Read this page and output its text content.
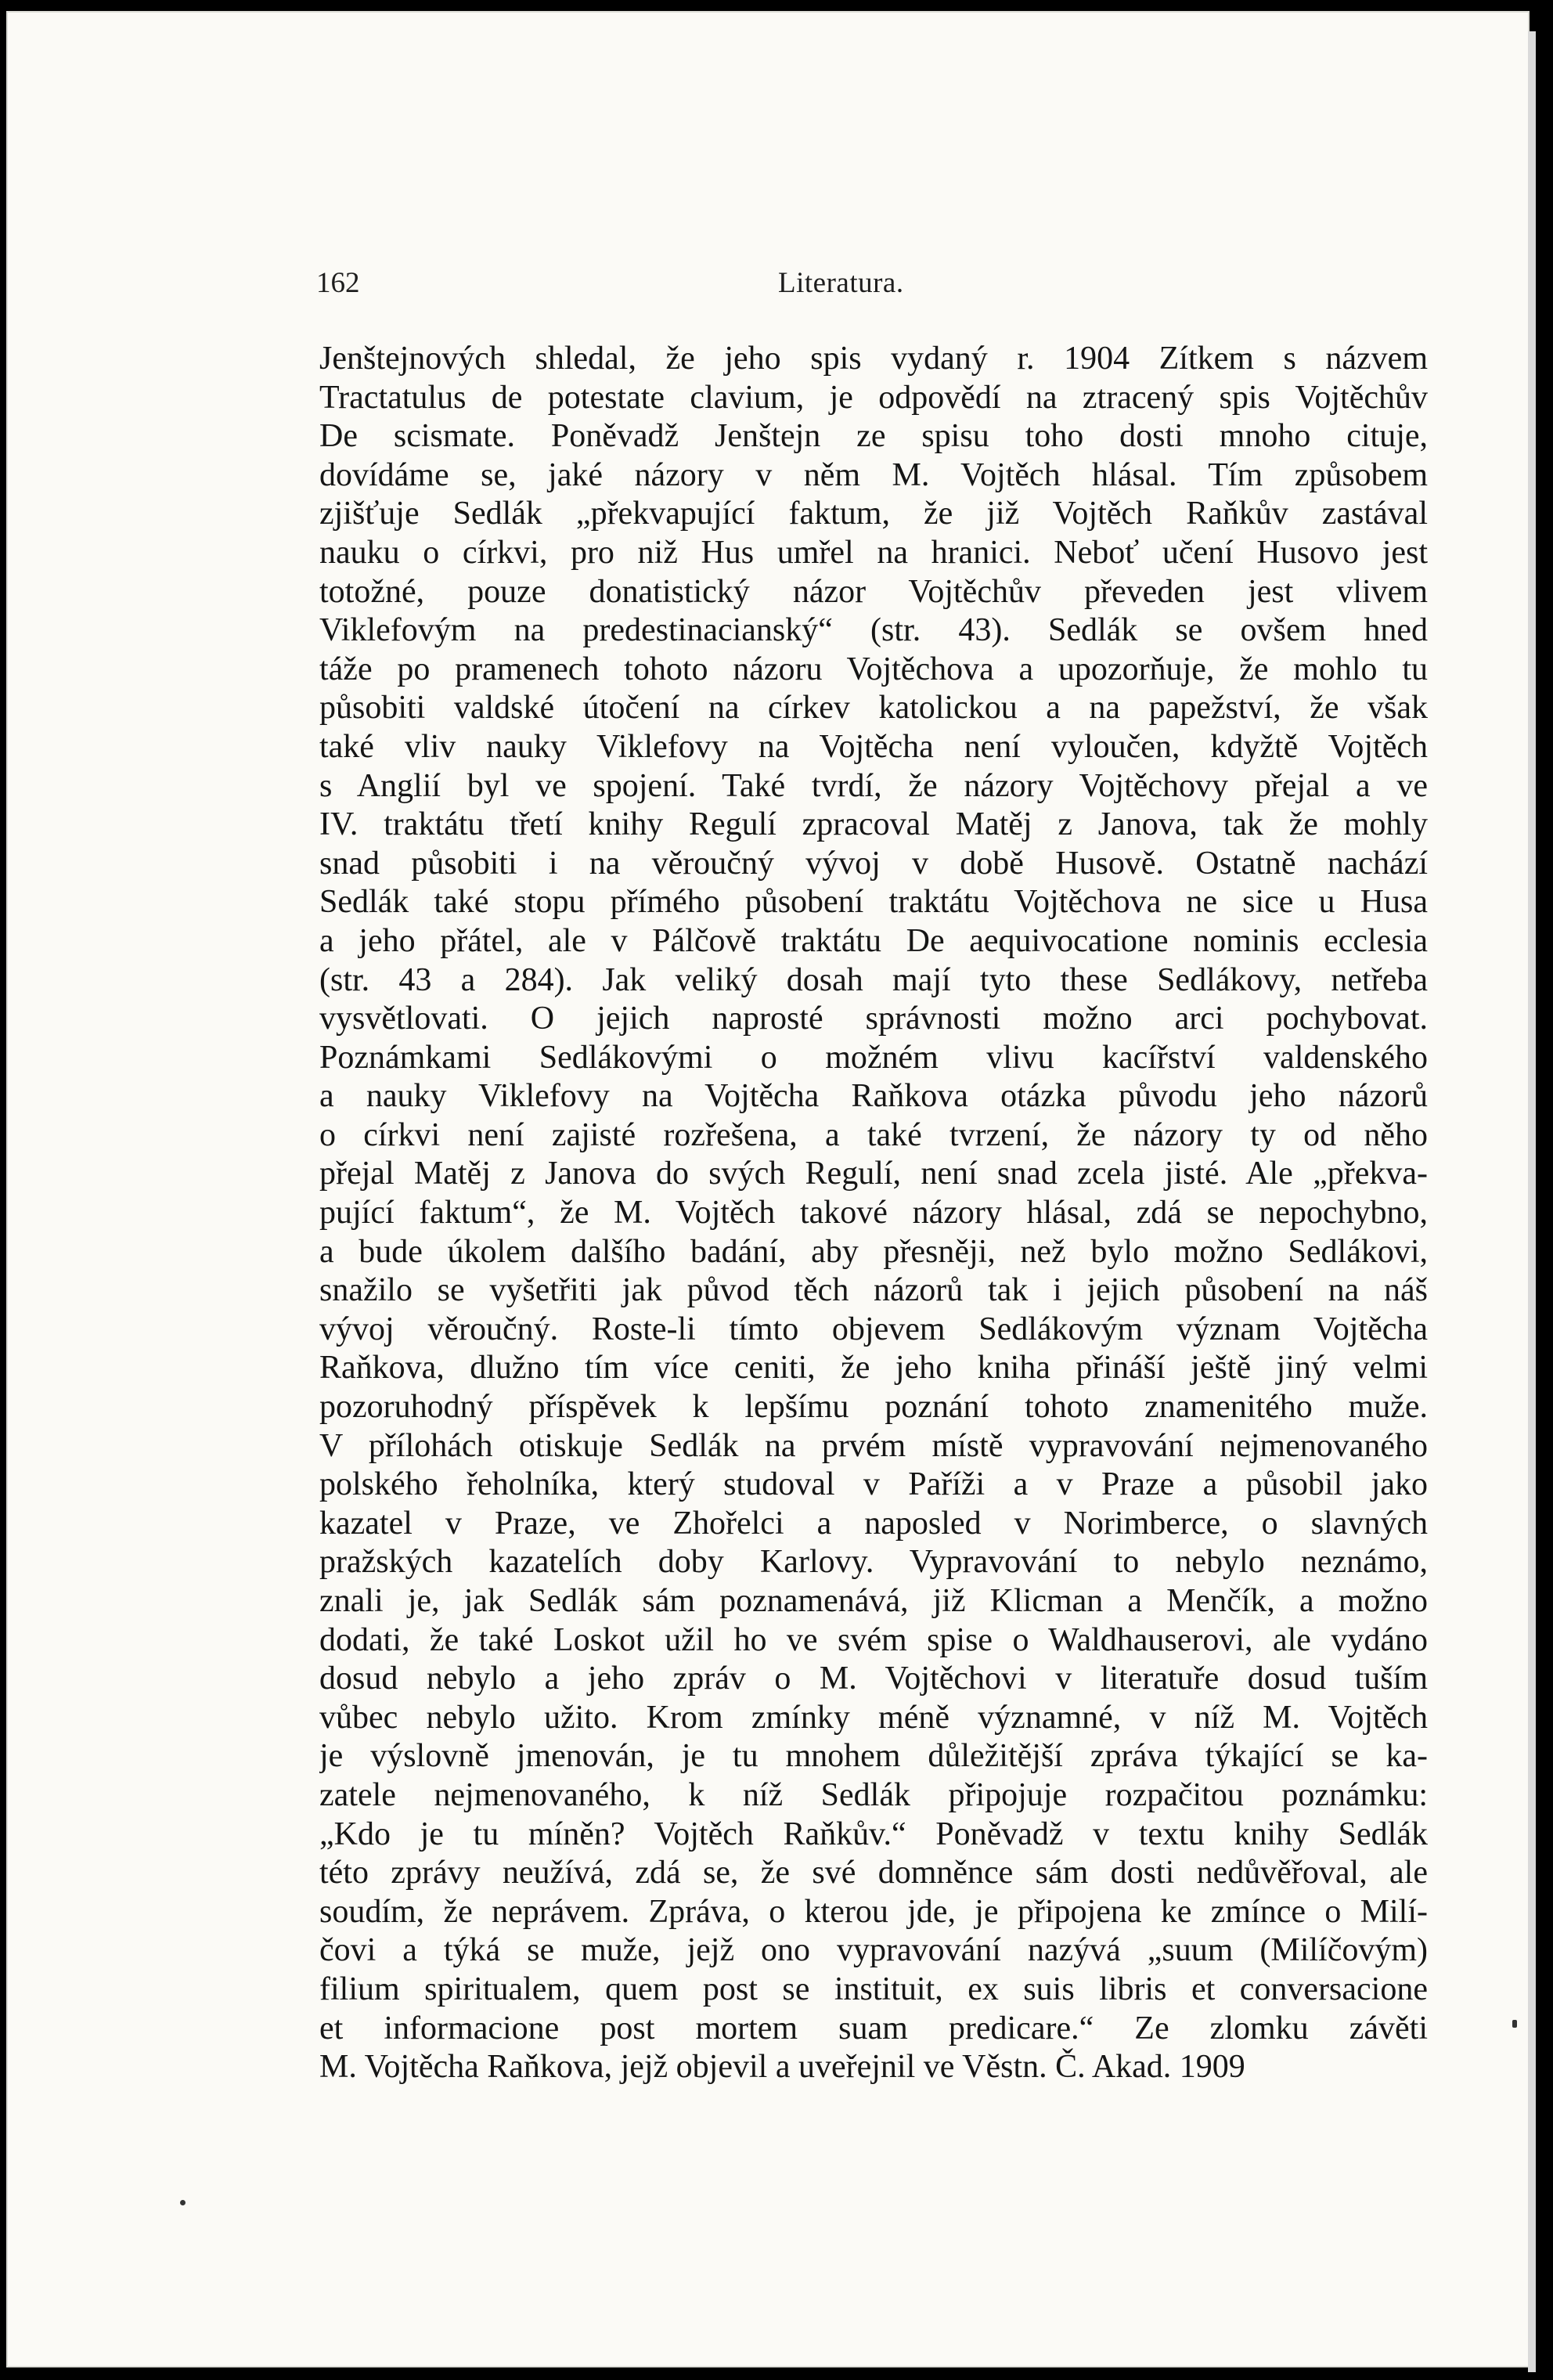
162	Literatura.
Jenštejnových shledal, že jeho spis vydaný r. 1904 Zítkem s názvem
Tractatulus de potestate clavium, je odpovědí na ztracený spis Vojtěchův
De scismate. Poněvadž Jenštejn ze spisu toho dosti mnoho cituje,
dovídáme se, jaké názory v něm M. Vojtěch hlásal. Tím způsobem
zjišťuje Sedlák „překvapující faktum, že již Vojtěch Raňkův zastával
nauku o církvi, pro niž Hus umřel na hranici. Neboť učení Husovo jest
totožné, pouze donatistický názor Vojtěchův převeden jest vlivem
Viklefovým na predestinacianský“ (str. 43). Sedlák se ovšem hned
táže po pramenech tohoto názoru Vojtěchova a upozorňuje, že mohlo tu
působiti valdské útočení na církev katolickou a na papežství, že však
také vliv nauky Viklefovy na Vojtěcha není vyloučen, kdyžtě Vojtěch
s Anglií byl ve spojení. Také tvrdí, že názory Vojtěchovy přejal a ve
IV. traktátu třetí knihy Regulí zpracoval Matěj z Janova, tak že mohly
snad působiti i na věroučný vývoj v době Husově. Ostatně nachází
Sedlák také stopu přímého působení traktátu Vojtěchova ne sice u Husa
a jeho přátel, ale v Pálčově traktátu De aequivocatione nominis ecclesia
(str. 43 a 284). Jak veliký dosah mají tyto these Sedlákovy, netřeba
vysvětlovati. O jejich naprosté správnosti možno arci pochybovat.
Poznámkami Sedlákovými o možném vlivu kacířství valdenského
a nauky Viklefovy na Vojtěcha Raňkova otázka původu jeho názorů
o církvi není zajisté rozřešena, a také tvrzení, že názory ty od něho
přejal Matěj z Janova do svých Regulí, není snad zcela jisté. Ale „překva-
pující faktum“, že M. Vojtěch takové názory hlásal, zdá se nepochybno,
a bude úkolem dalšího badání, aby přesněji, než bylo možno Sedlákovi,
snažilo se vyšetřiti jak původ těch názorů tak i jejich působení na náš
vývoj věroučný. Roste-li tímto objevem Sedlákovým význam Vojtěcha
Raňkova, dlužno tím více ceniti, že jeho kniha přináší ještě jiný velmi
pozoruhodný příspěvek k lepšímu poznání tohoto znamenitého muže.
V přílohách otiskuje Sedlák na prvém místě vypravování nejmenovaného
polského řeholníka, který studoval v Paříži a v Praze a působil jako
kazatel v Praze, ve Zhořelci a naposled v Norimberce, o slavných
pražských kazatelích doby Karlovy. Vypravování to nebylo neznámo,
znali je, jak Sedlák sám poznamenává, již Klicman a Menčík, a možno
dodati, že také Loskot užil ho ve svém spise o Waldhauserovi, ale vydáno
dosud nebylo a jeho zpráv o M. Vojtěchovi v literatuře dosud tuším
vůbec nebylo užito. Krom zmínky méně významné, v níž M. Vojtěch
je výslovně jmenován, je tu mnohem důležitější zpráva týkající se ka-
zatele nejmenovaného, k níž Sedlák připojuje rozpačitou poznámku:
„Kdo je tu míněn? Vojtěch Raňkův.“ Poněvadž v textu knihy Sedlák
této zprávy neužívá, zdá se, že své domněnce sám dosti nedůvěřoval, ale
soudím, že neprávem. Zpráva, o kterou jde, je připojena ke zmínce o Milí-
čovi a týká se muže, jejž ono vypravování nazývá „suum (Milíčovým)
filium spiritualem, quem post se instituit, ex suis libris et conversacione
et informacione post mortem suam predicare.“ Ze zlomku závěti
M. Vojtěcha Raňkova, jejž objevil a uveřejnil ve Věstn. Č. Akad. 1909
